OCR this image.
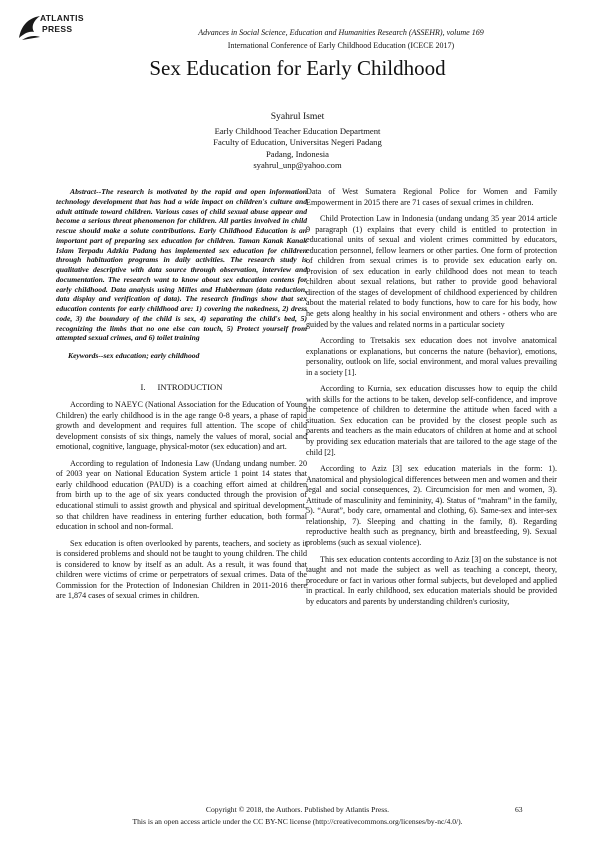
ATLANTIS
PRESS	Advances in Social Science, Education and Humanities Research (ASSEHR), volume 169
International Conference of Early Childhood Education (ICECE 2017)
Sex Education for Early Childhood
Syahrul Ismet
Early Childhood Teacher Education Department
Faculty of Education, Universitas Negeri Padang
Padang, Indonesia
syahrul_unp@yahoo.com

Abstract--The research is motivated by the rapid and open information technology development that has had a wide impact on children's culture and adult attitude toward children. Various cases of child sexual abuse appear and become a serious threat phenomenon for children. All parties involved in child rescue should make a solute contributions. Early Childhood Education is an important part of preparing sex education for children. Taman Kanak Kanak Islam Terpadu Adzkia Padang has implemented sex education for children through habituation programs in daily activities. The research study is qualitative descriptive with data source through observation, interview and documentation. The research want to know about sex education contens for early childhood. Data analysis using Milles and Hubberman (data reduction, data display and verification of data). The research findings show that sex education contents for early childhood are: 1) covering the nakedness, 2) dress code, 3) the boundary of the child is sex, 4) separating the child's bed, 5) recognizing the limbs that no one else can touch, 5) Protect yourself from attempted sexual crimes, and 6) toilet training

Keywords--sex education; early childhood

I. INTRODUCTION

According to NAEYC (National Association for the Education of Young Children) the early childhood is in the age range 0-8 years, a phase of rapid growth and development and requires full attention. The scope of child development consists of six things, namely the values of moral, social and emotional, cognitive, language, physical-motor (sex education) and art.

According to regulation of Indonesia Law (Undang undang number. 20 of 2003 year on National Education System article 1 point 14 states that early childhood education (PAUD) is a coaching effort aimed at children from birth up to the age of six years conducted through the provision of educational stimuli to assist growth and physical and spiritual development, so that children have readiness in entering further education, both formal education in school and non-formal.

Sex education is often overlooked by parents, teachers, and society as it is considered problems and should not be taught to young children. The child is considered to know by itself as an adult. As a result, it was found that children were victims of crime or perpetrators of sexual crimes. Data of the Commission for the Protection of Indonesian Children in 2011-2016 there are 1,874 cases of sexual crimes in children.

Data of West Sumatera Regional Police for Women and Family Empowerment in 2015 there are 71 cases of sexual crimes in children.

Child Protection Law in Indonesia (undang undang 35 year 2014 article 9 paragraph (1) explains that every child is entitled to protection in educational units of sexual and violent crimes committed by educators, education personnel, fellow learners or other parties. One form of protection of children from sexual crimes is to provide sex education early on. Provision of sex education in early childhood does not mean to teach children about sexual relations, but rather to provide good behavioral direction of the stages of development of childhood experienced by children about the material related to body functions, how to care for his body, how he gets along healthy in his social environment and others - others who are guided by the values and related norms in a particular society

According to Tretsakis sex education does not involve anatomical explanations or explanations, but concerns the nature (behavior), emotions, personality, outlook on life, social environment, and moral values prevailing in a society [1].

According to Kurnia, sex education discusses how to equip the child with skills for the actions to be taken, develop self-confidence, and improve the competence of children to determine the attitude when faced with a situation. Sex education can be provided by the closest people such as parents and teachers as the main educators of children at home and at school by providing sex education materials that are tailored to the age stage of the child [2].

According to Aziz [3] sex education materials in the form: 1). Anatomical and physiological differences between men and women and their legal and social consequences, 2). Circumcision for men and women, 3). Attitude of masculinity and femininity, 4). Status of “mahram” in the family, 5). “Aurat”, body care, ornamental and clothing, 6). Same-sex and inter-sex relationship, 7). Sleeping and chatting in the family, 8). Regarding reproductive health such as pregnancy, birth and breastfeeding, 9). Sexual problems (such as sexual violence).

This sex education contents according to Aziz [3] on the substance is not taught and not made the subject as well as teaching a concept, theory, procedure or fact in various other formal subjects, but developed and applied in practical. In early childhood, sex education materials should be provided by educators and parents by understanding children's curiosity,

Copyright © 2018, the Authors. Published by Atlantis Press.	63
This is an open access article under the CC BY-NC license (http://creativecommons.org/licenses/by-nc/4.0/).
